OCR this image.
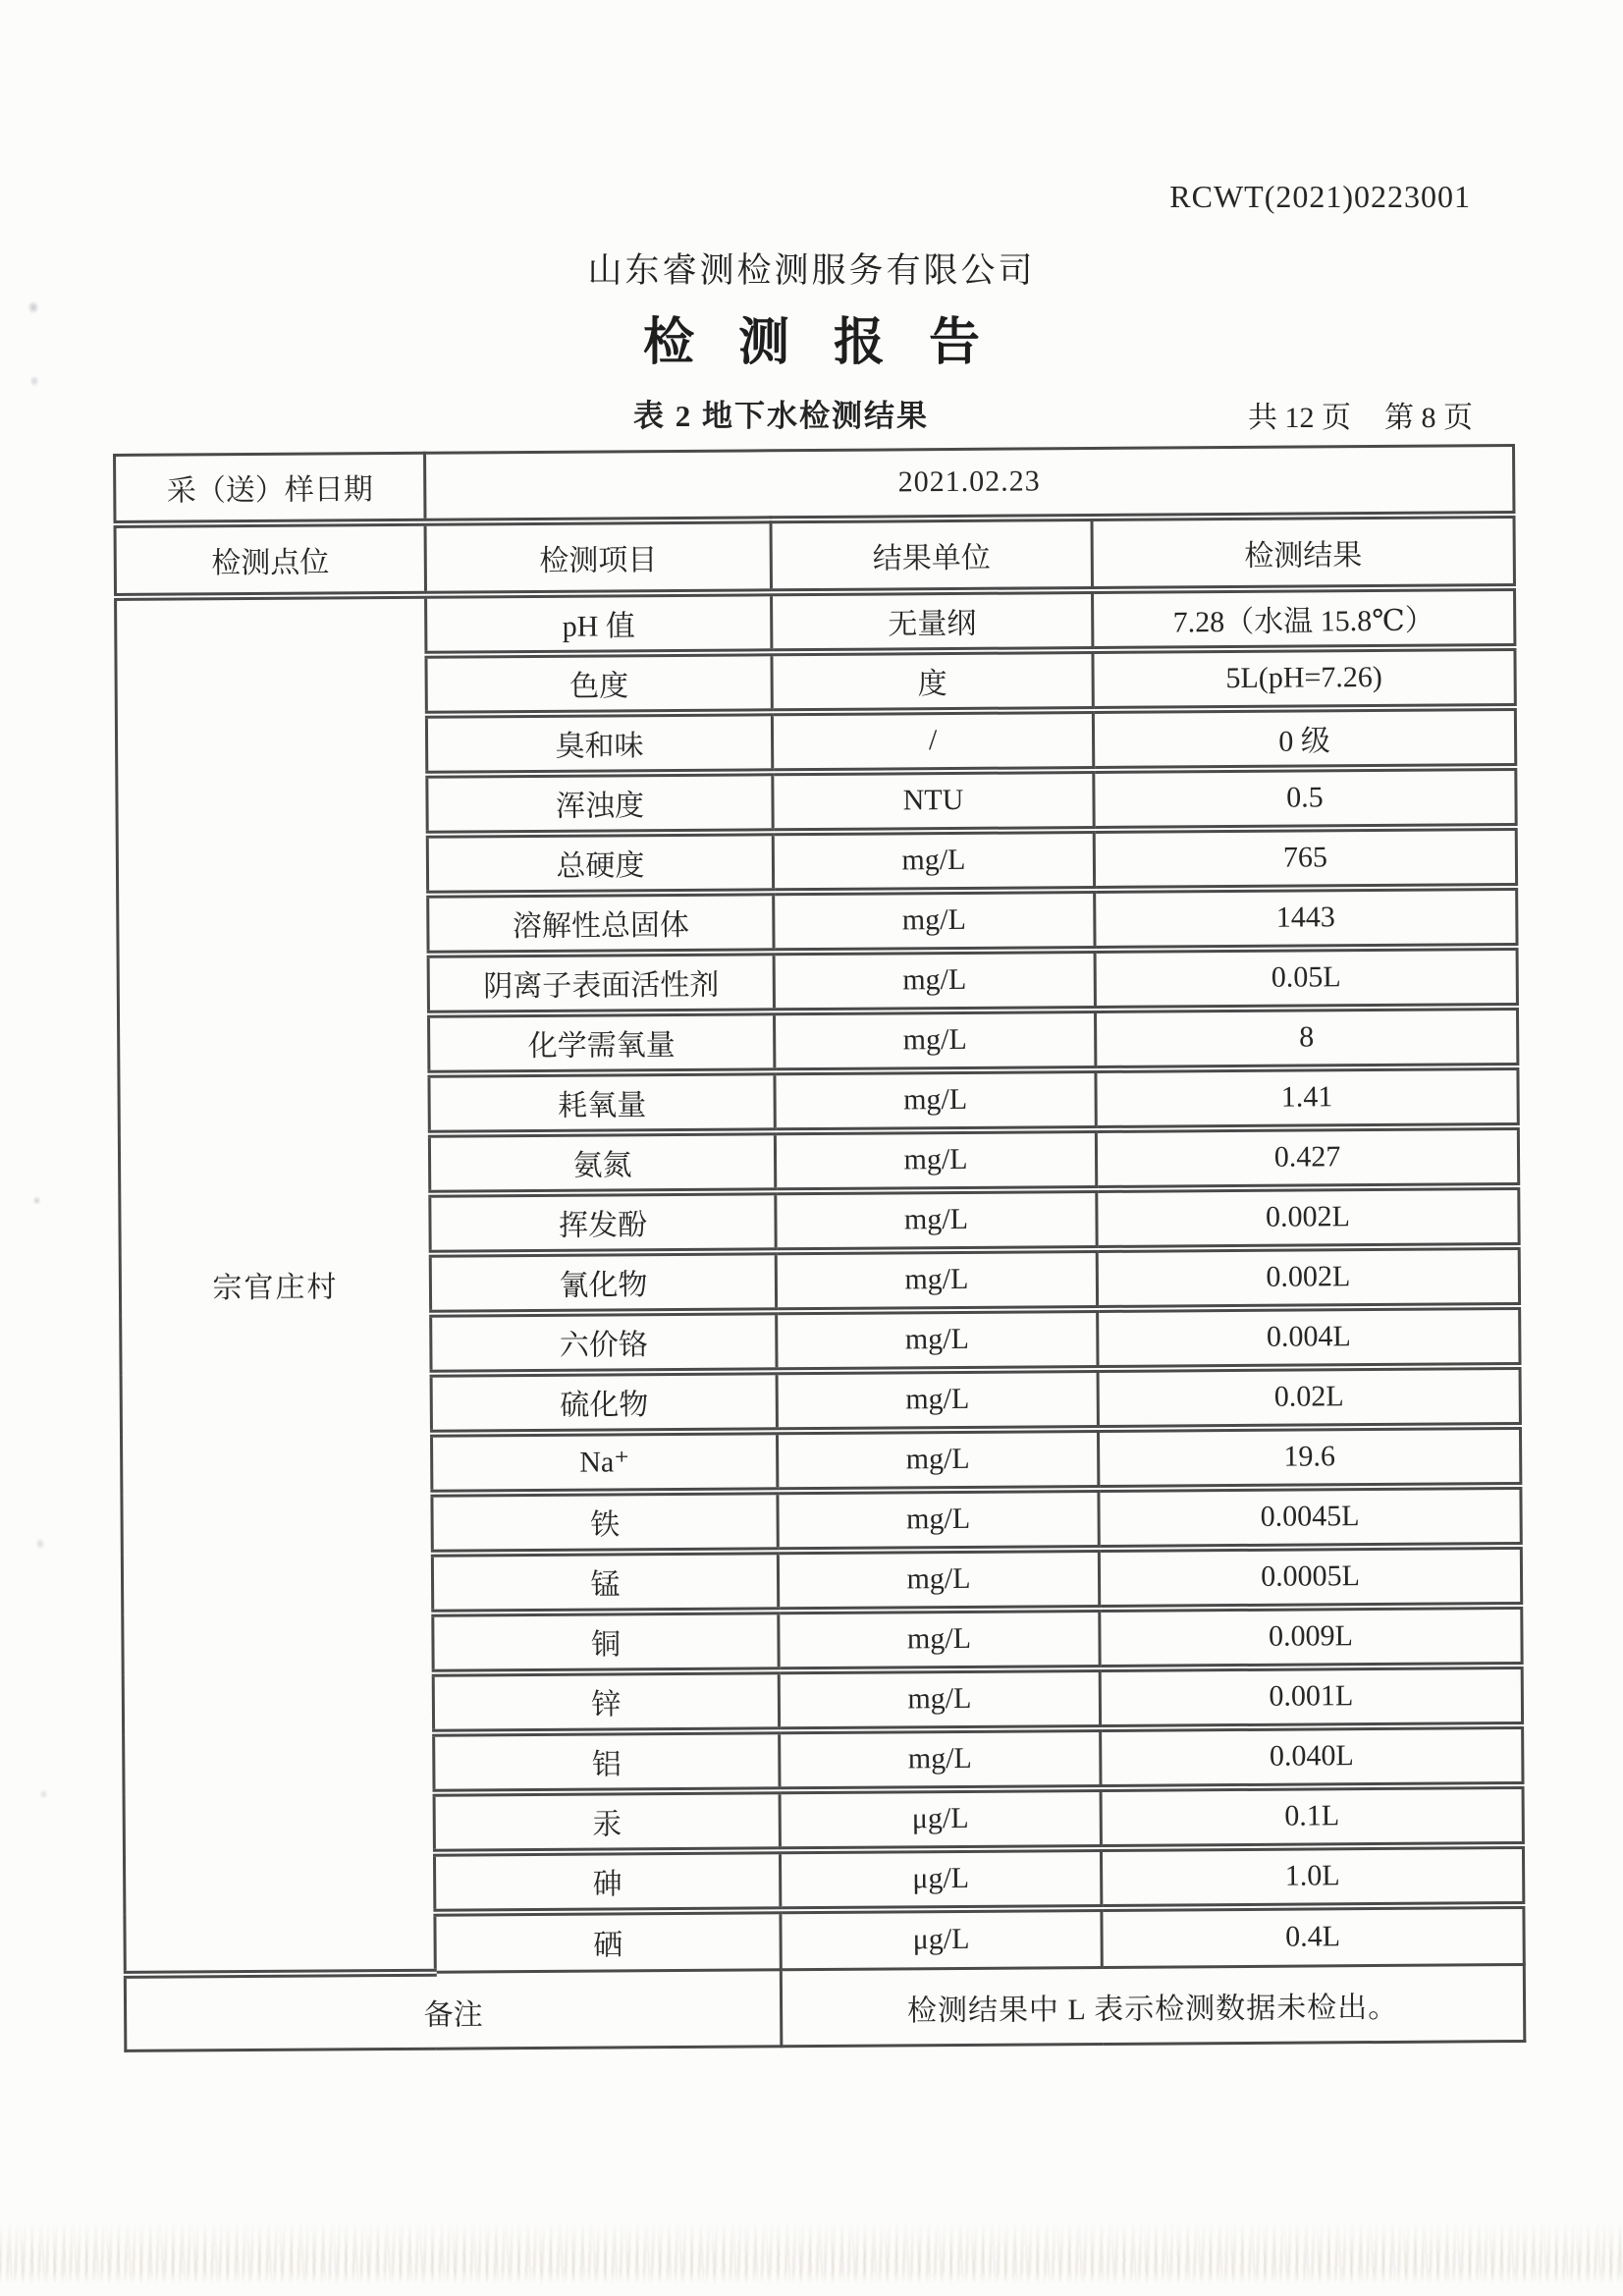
RCWT(2021)0223001
山东睿测检测服务有限公司
检 测 报 告
表 2 地下水检测结果	共 12 页 第 8 页
采（送）样日期	2021.02.23		
检测点位	检测项目	结果单位	检测结果
宗官庄村	pH 值	无量纲	7.28（水温 15.8℃）
	色度	度	5L(pH=7.26)
	臭和味	/	0 级
	浑浊度	NTU	0.5
	总硬度	mg/L	765
	溶解性总固体	mg/L	1443
	阴离子表面活性剂	mg/L	0.05L
	化学需氧量	mg/L	8
	耗氧量	mg/L	1.41
	氨氮	mg/L	0.427
	挥发酚	mg/L	0.002L
	氰化物	mg/L	0.002L
	六价铬	mg/L	0.004L
	硫化物	mg/L	0.02L
	Na⁺	mg/L	19.6
	铁	mg/L	0.0045L
	锰	mg/L	0.0005L
	铜	mg/L	0.009L
	锌	mg/L	0.001L
	铝	mg/L	0.040L
	汞	μg/L	0.1L
	砷	μg/L	1.0L
	硒	μg/L	0.4L
备注		检测结果中 L 表示检测数据未检出。	
